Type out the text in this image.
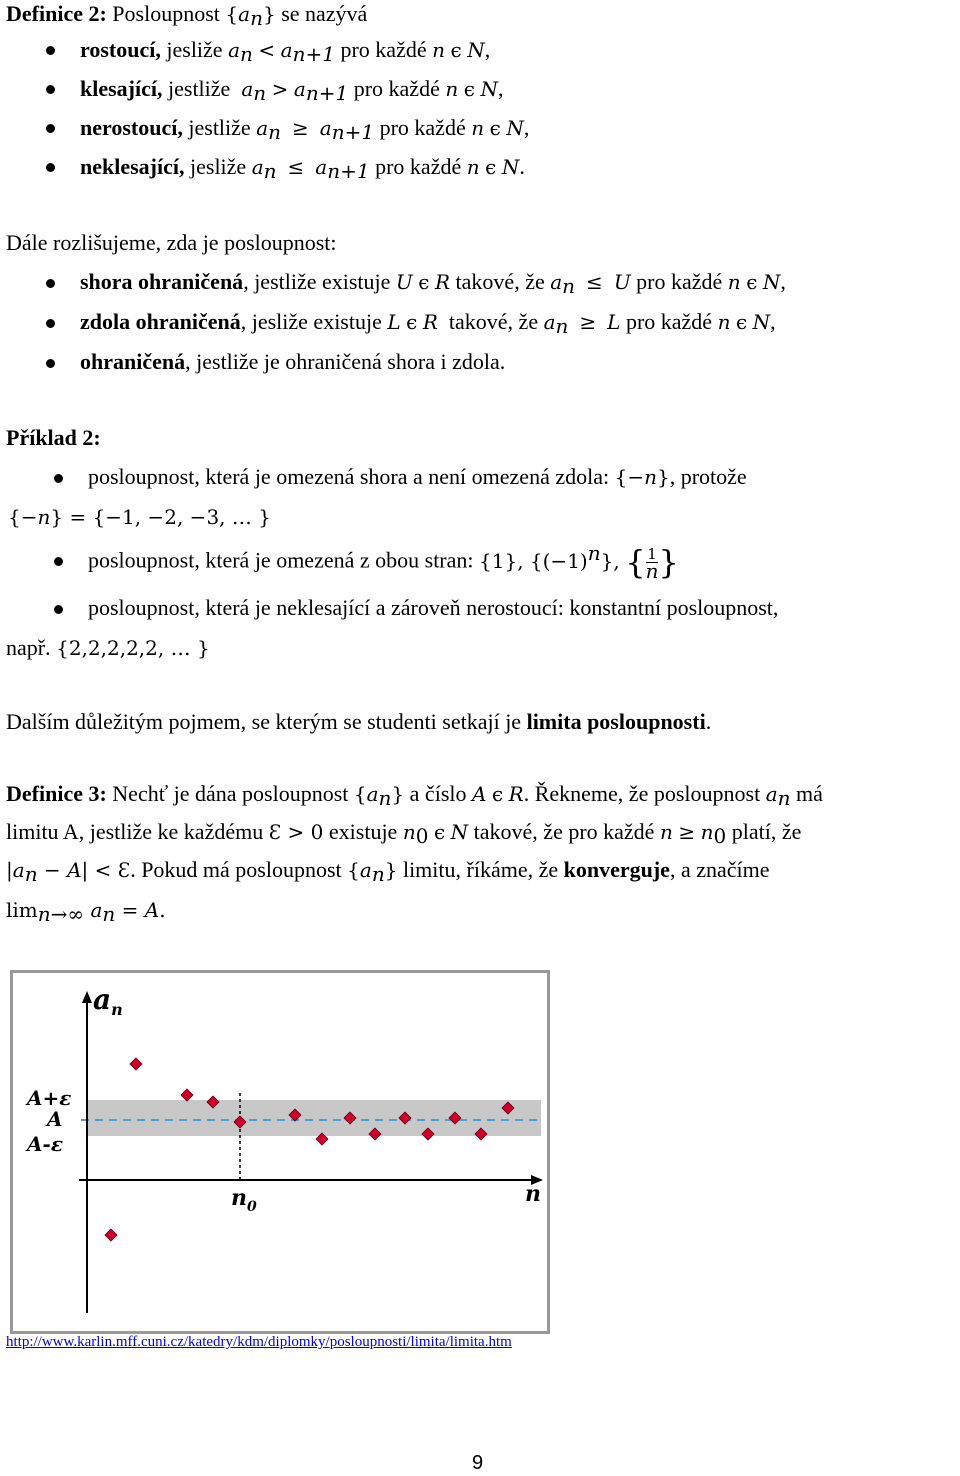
Definice 2: Posloupnost $\{a_n\}$ se nazývá
rostoucí, jesliže $a_n < a_{n+1}$ pro každé n ϵ N,
klesající, jestliže $a_n > a_{n+1}$ pro každé n ϵ N,
nerostoucí, jestliže $a_n \ge a_{n+1}$ pro každé n ϵ N,
neklesající, jesliže $a_n \le a_{n+1}$ pro každé n ϵ N.
Dále rozlišujeme, zda je posloupnost:
shora ohraničená, jestliže existuje U ϵ R takové, že $a_n \le U$ pro každé n ϵ N,
zdola ohraničená, jesliže existuje L ϵ R takové, že $a_n \ge L$ pro každé n ϵ N,
ohraničená, jestliže je ohraničená shora i zdola.
Příklad 2:
posloupnost, která je omezená shora a není omezená zdola: {−n}, protože
{−𝑛} = {−1, −2, −3, … }
posloupnost, která je omezená z obou stran: {1}, $\{(-1)^n\}$, { $\frac{1}{n}$ }
posloupnost, která je neklesající a zároveň nerostoucí: konstantní posloupnost,
např. {2,2,2,2,2, … }
Dalším důležitým pojmem, se kterým se studenti setkají je limita posloupnosti.
Definice 3: Nechť je dána posloupnost $\{a_n\}$ a číslo A ϵ R. Řekneme, že posloupnost $a_n$ má
limitu A, jestliže ke každému Ɛ > 0 existuje $n_0$ ϵ N takové, že pro každé $n \ge n_0$ platí, že
$|a_n - A|$ < Ɛ. Pokud má posloupnost $\{a_n\}$ limitu, říkáme, že konverguje, a značíme
$\lim_{n\to\infty} a_n = A$.
$a_n$
n
$n_0$
A+ε
A
A-ε
http://www.karlin.mff.cuni.cz/katedry/kdm/diplomky/posloupnosti/limita/limita.htm
9
